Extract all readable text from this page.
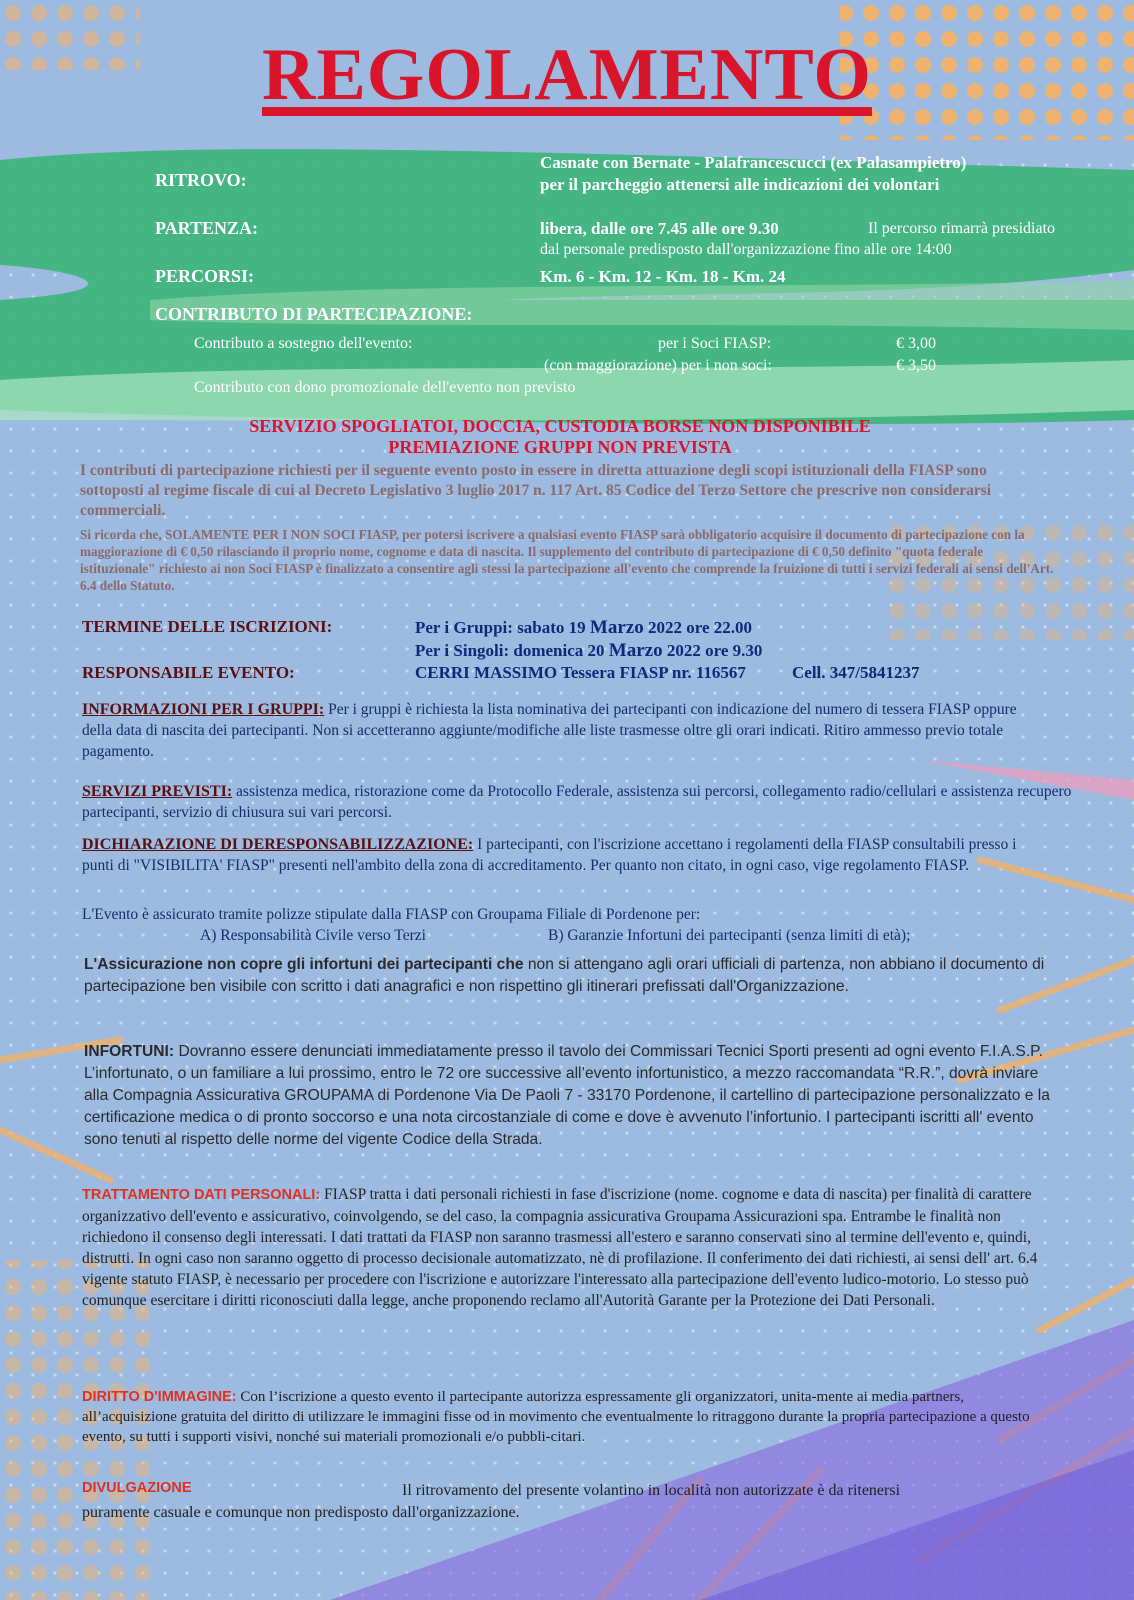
REGOLAMENTO
RITROVO:
Casnate con Bernate - Palafrancescucci (ex Palasampietro)
per il parcheggio attenersi alle indicazioni dei volontari
PARTENZA:	libera, dalle ore 7.45 alle ore 9.30	Il percorso rimarrà presidiato
dal personale predisposto dall'organizzazione fino alle ore 14:00
PERCORSI:	Km. 6 - Km. 12 - Km. 18 - Km. 24
CONTRIBUTO DI PARTECIPAZIONE:
Contributo a sostegno dell'evento:	per i Soci FIASP:	€ 3,00
(con maggiorazione) per i non soci:	€ 3,50
Contributo con dono promozionale dell'evento non previsto
SERVIZIO SPOGLIATOI, DOCCIA, CUSTODIA BORSE NON DISPONIBILE
PREMIAZIONE GRUPPI NON PREVISTA

I contributi di partecipazione richiesti per il seguente evento posto in essere in diretta attuazione degli scopi istituzionali della FIASP sono sottoposti al regime fiscale di cui al Decreto Legislativo 3 luglio 2017 n. 117 Art. 85 Codice del Terzo Settore che prescrive non considerarsi commerciali.

Si ricorda che, SOLAMENTE PER I NON SOCI FIASP, per potersi iscrivere a qualsiasi evento FIASP sarà obbligatorio acquisire il documento di partecipazione con la maggiorazione di € 0,50 rilasciando il proprio nome, cognome e data di nascita. Il supplemento del contributo di partecipazione di € 0,50 definito "quota federale istituzionale" richiesto ai non Soci FIASP è finalizzato a consentire agli stessi la partecipazione all'evento che comprende la fruizione di tutti i servizi federali ai sensi dell'Art. 6.4 dello Statuto.

TERMINE DELLE ISCRIZIONI:	Per i Gruppi: sabato 19 Marzo 2022 ore 22.00
Per i Singoli: domenica 20 Marzo 2022 ore 9.30
RESPONSABILE EVENTO:	CERRI MASSIMO Tessera FIASP nr. 116567	Cell. 347/5841237

INFORMAZIONI PER I GRUPPI: Per i gruppi è richiesta la lista nominativa dei partecipanti con indicazione del numero di tessera FIASP oppure della data di nascita dei partecipanti. Non si accetteranno aggiunte/modifiche alle liste trasmesse oltre gli orari indicati. Ritiro ammesso previo totale pagamento.

SERVIZI PREVISTI: assistenza medica, ristorazione come da Protocollo Federale, assistenza sui percorsi, collegamento radio/cellulari e assistenza recupero partecipanti, servizio di chiusura sui vari percorsi.

DICHIARAZIONE DI DERESPONSABILIZZAZIONE: I partecipanti, con l'iscrizione accettano i regolamenti della FIASP consultabili presso i punti di "VISIBILITA' FIASP" presenti nell'ambito della zona di accreditamento. Per quanto non citato, in ogni caso, vige regolamento FIASP.

L'Evento è assicurato tramite polizze stipulate dalla FIASP con Groupama Filiale di Pordenone per:
A) Responsabilità Civile verso Terzi	B) Garanzie Infortuni dei partecipanti (senza limiti di età);

L'Assicurazione non copre gli infortuni dei partecipanti che non si attengano agli orari ufficiali di partenza, non abbiano il documento di partecipazione ben visibile con scritto i dati anagrafici e non rispettino gli itinerari prefissati dall'Organizzazione.

INFORTUNI: Dovranno essere denunciati immediatamente presso il tavolo dei Commissari Tecnici Sporti presenti ad ogni evento F.I.A.S.P. L’infortunato, o un familiare a lui prossimo, entro le 72 ore successive all’evento infortunistico, a mezzo raccomandata “R.R.”, dovrà inviare alla Compagnia Assicurativa GROUPAMA di Pordenone Via De Paoli 7 - 33170 Pordenone, il cartellino di partecipazione personalizzato e la certificazione medica o di pronto soccorso e una nota circostanziale di come e dove è avvenuto l’infortunio. I partecipanti iscritti all' evento sono tenuti al rispetto delle norme del vigente Codice della Strada.

TRATTAMENTO DATI PERSONALI: FIASP tratta i dati personali richiesti in fase d'iscrizione (nome. cognome e data di nascita) per finalità di carattere organizzativo dell'evento e assicurativo, coinvolgendo, se del caso, la compagnia assicurativa Groupama Assicurazioni spa. Entrambe le finalità non richiedono il consenso degli interessati. I dati trattati da FIASP non saranno trasmessi all'estero e saranno conservati sino al termine dell'evento e, quindi, distrutti. In ogni caso non saranno oggetto di processo decisionale automatizzato, nè di profilazione. Il conferimento dei dati richiesti, ai sensi dell' art. 6.4 vigente statuto FIASP, è necessario per procedere con l'iscrizione e autorizzare l'interessato alla partecipazione dell'evento ludico-motorio. Lo stesso può comunque esercitare i diritti riconosciuti dalla legge, anche proponendo reclamo all'Autorità Garante per la Protezione dei Dati Personali.

DIRITTO D'IMMAGINE: Con l’iscrizione a questo evento il partecipante autorizza espressamente gli organizzatori, unita-mente ai media partners, all’acquisizione gratuita del diritto di utilizzare le immagini fisse od in movimento che eventualmente lo ritraggono durante la propria partecipazione a questo evento, su tutti i supporti visivi, nonché sui materiali promozionali e/o pubbli-citari.

DIVULGAZIONE	Il ritrovamento del presente volantino in località non autorizzate è da ritenersi
puramente casuale e comunque non predisposto dall'organizzazione.
